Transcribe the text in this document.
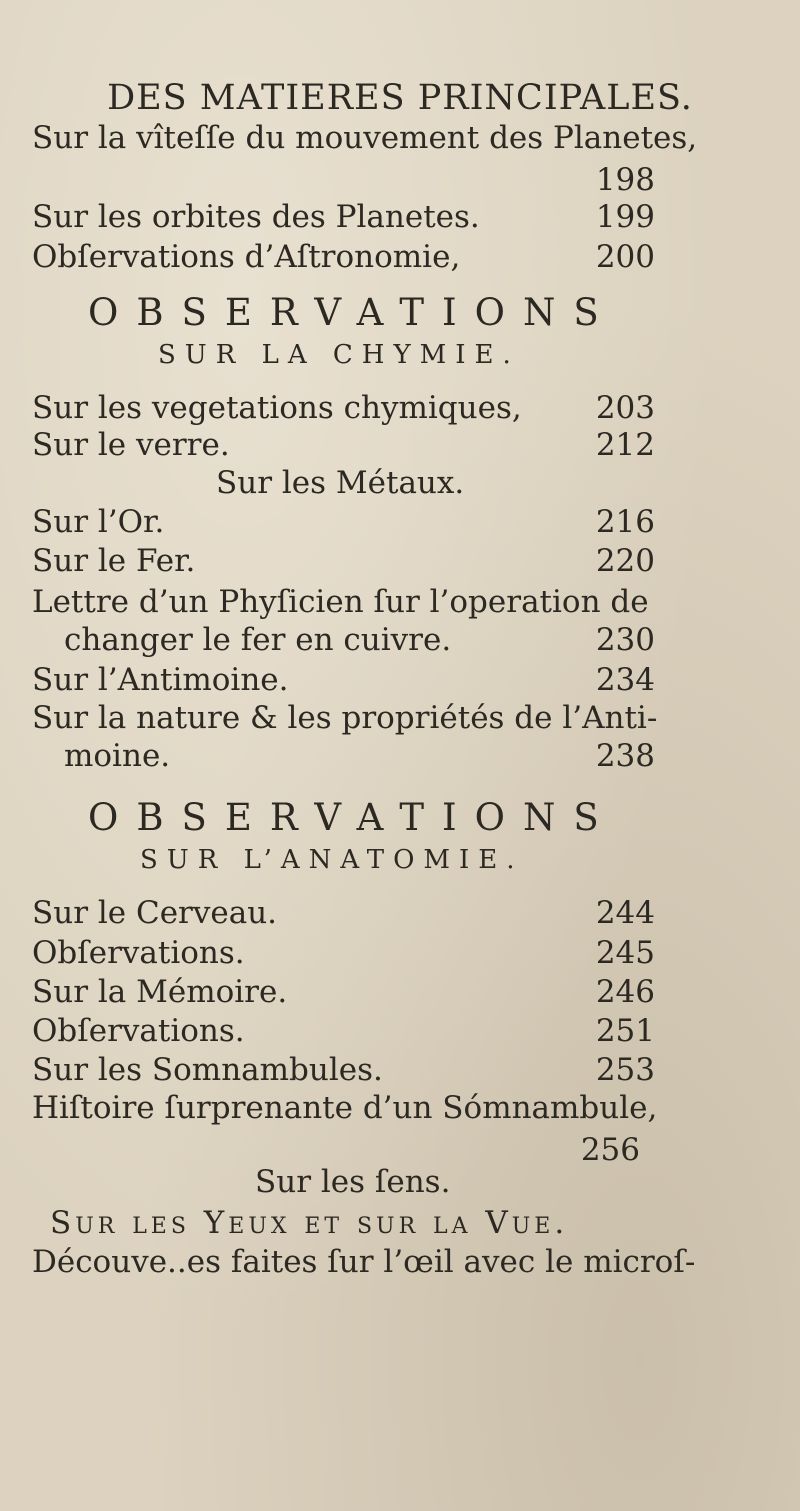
DES MATIERES PRINCIPALES.
Sur la vîteſſe du mouvement des Planetes,
198
Sur les orbites des Planetes.	199
Obſervations d’Aſtronomie,	200
OBSERVATIONS
SUR LA CHYMIE.
Sur les vegetations chymiques, 203
Sur le verre.	212
Sur les Métaux.
Sur l’Or.	216
Sur le Fer.	220
Lettre d’un Phyſicien ſur l’operation de
changer le fer en cuivre.	230
Sur l’Antimoine.	234
Sur la nature & les propriétés de l’Anti-
moine.	238
OBSERVATIONS
SUR L’ANATOMIE.
Sur le Cerveau.	244
Obſervations.	245
Sur la Mémoire.	246
Obſervations.	251
Sur les Somnambules.	253
Hiſtoire ſurprenante d’un Sómnambule,
256
Sur les ſens.
Sur les Yeux et sur la Vue.
Découve..es faites ſur l’œil avec le microſ-
